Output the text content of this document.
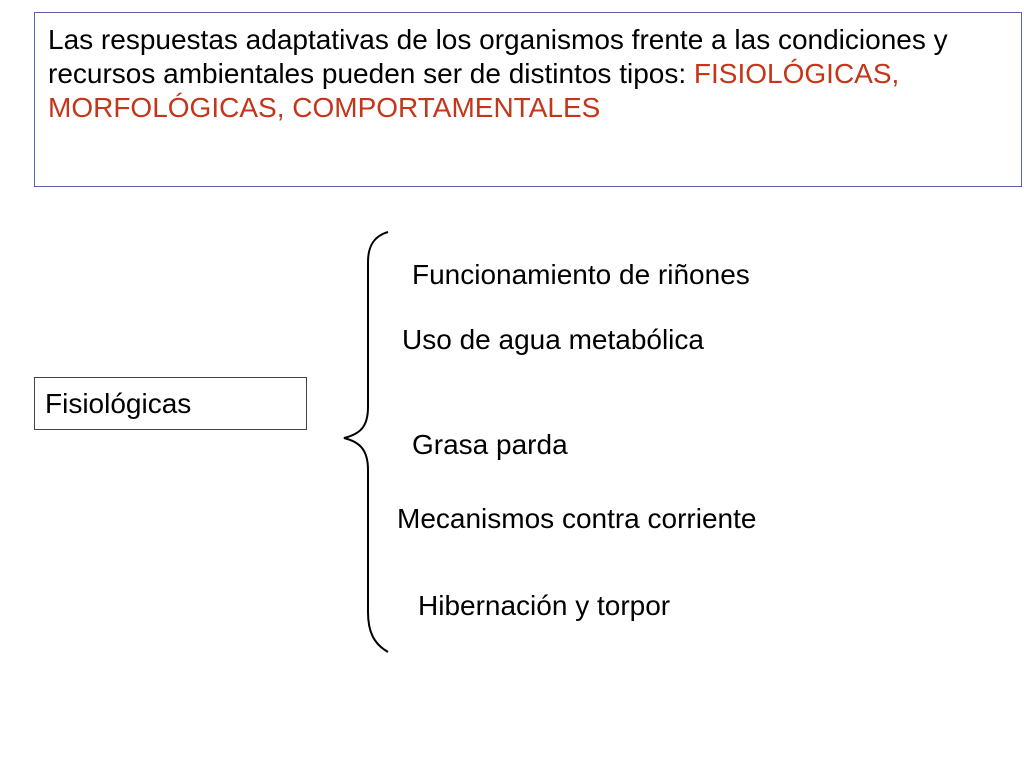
Las respuestas adaptativas de los organismos frente a las condiciones y recursos ambientales pueden ser de distintos tipos: FISIOLÓGICAS, MORFOLÓGICAS, COMPORTAMENTALES
Fisiológicas
Funcionamiento de riñones
Uso de agua metabólica
Grasa parda
Mecanismos contra corriente
Hibernación y torpor
